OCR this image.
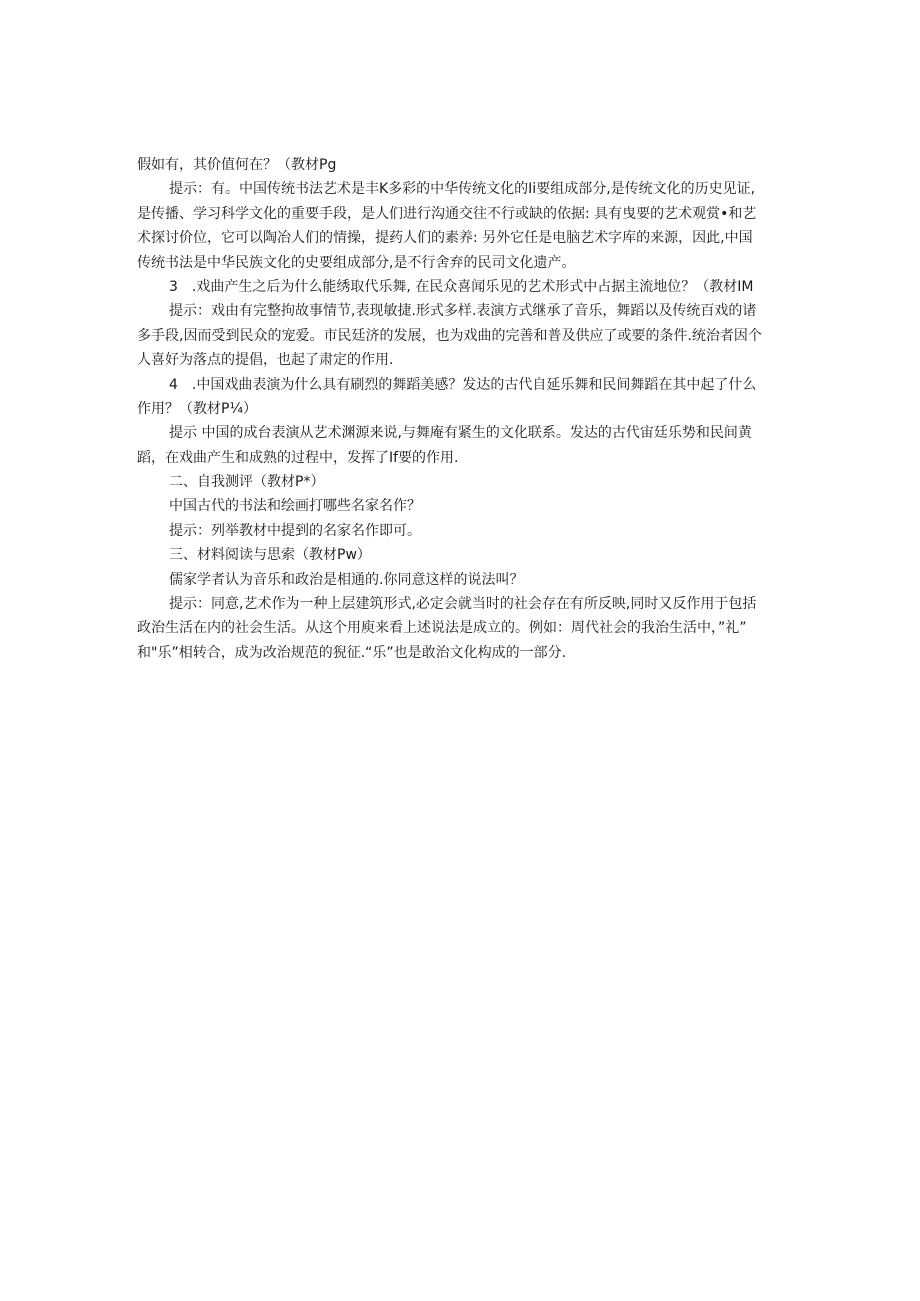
假如有，其价值何在？（教材Pg
提示：有。中国传统书法艺术是丰K多彩的中华传统文化的Ii要组成部分,是传统文化的历史见证,
是传播、学习科学文化的重要手段，是人们进行沟通交往不行或缺的依据: 具有曳要的艺术观赏•和艺
术探讨价位，它可以陶冶人们的情操，提药人们的素养: 另外它任是电脑艺术字库的来源，因此,中国
传统书法是中华民族文化的史要组成部分,是不行舍弃的民司文化遗产。
3　.戏曲产生之后为什么能绣取代乐舞, 在民众喜闻乐见的艺术形式中占据主流地位？（教材IM
提示：戏由有完整拘故事情节,表现敏捷.形式多样.表演方式继承了音乐，舞蹈以及传统百戏的诸
多手段,因而受到民众的宠爱。市民廷济的发展，也为戏曲的完善和普及供应了或要的条件.统治者因个
人喜好为落点的提倡，也起了肃定的作用.
4　.中国戏曲表演为什么具有刷烈的舞蹈美感？发达的古代自延乐舞和民间舞蹈在其中起了什么
作用？（教材P¼）
提示 中国的成台表演从艺术渊源来说,与舞庵有紧生的文化联系。发达的古代宙廷乐势和民间黄
蹈，在戏曲产生和成熟的过程中，发挥了If要的作用.
二、自我测评（教材P*）
中国古代的书法和绘画打哪些名家名作？
提示：列举教材中提到的名家名作即可。
三、材料阅读与思索（教材Pw）
儒家学者认为音乐和政治是相通的.你同意这样的说法叫？
提示：同意,艺术作为一种上层建筑形式,必定会就当时的社会存在有所反映,同时又反作用于包括
政治生活在内的社会生活。从这个用庾来看上述说法是成立的。例如：周代社会的我治生活中，”礼”
和"乐”相转合，成为改治规范的猊征.“乐”也是敢治文化构成的一部分.
